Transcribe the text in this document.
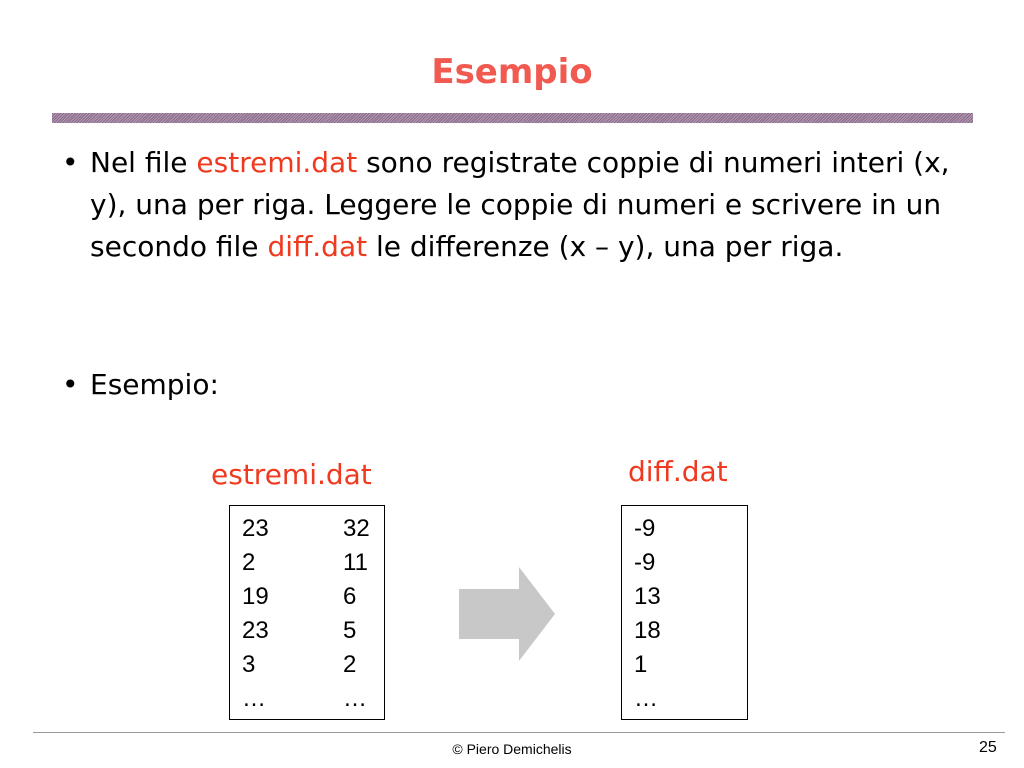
Esempio
• Nel file estremi.dat sono registrate coppie di numeri interi (x, y), una per riga. Leggere le coppie di numeri e scrivere in un secondo file diff.dat le differenze (x – y), una per riga.
• Esempio:
estremi.dat	diff.dat
23	32
2	11
19	6
23	5
3	2
…	…
-9
-9
13
18
1
…
© Piero Demichelis	25
